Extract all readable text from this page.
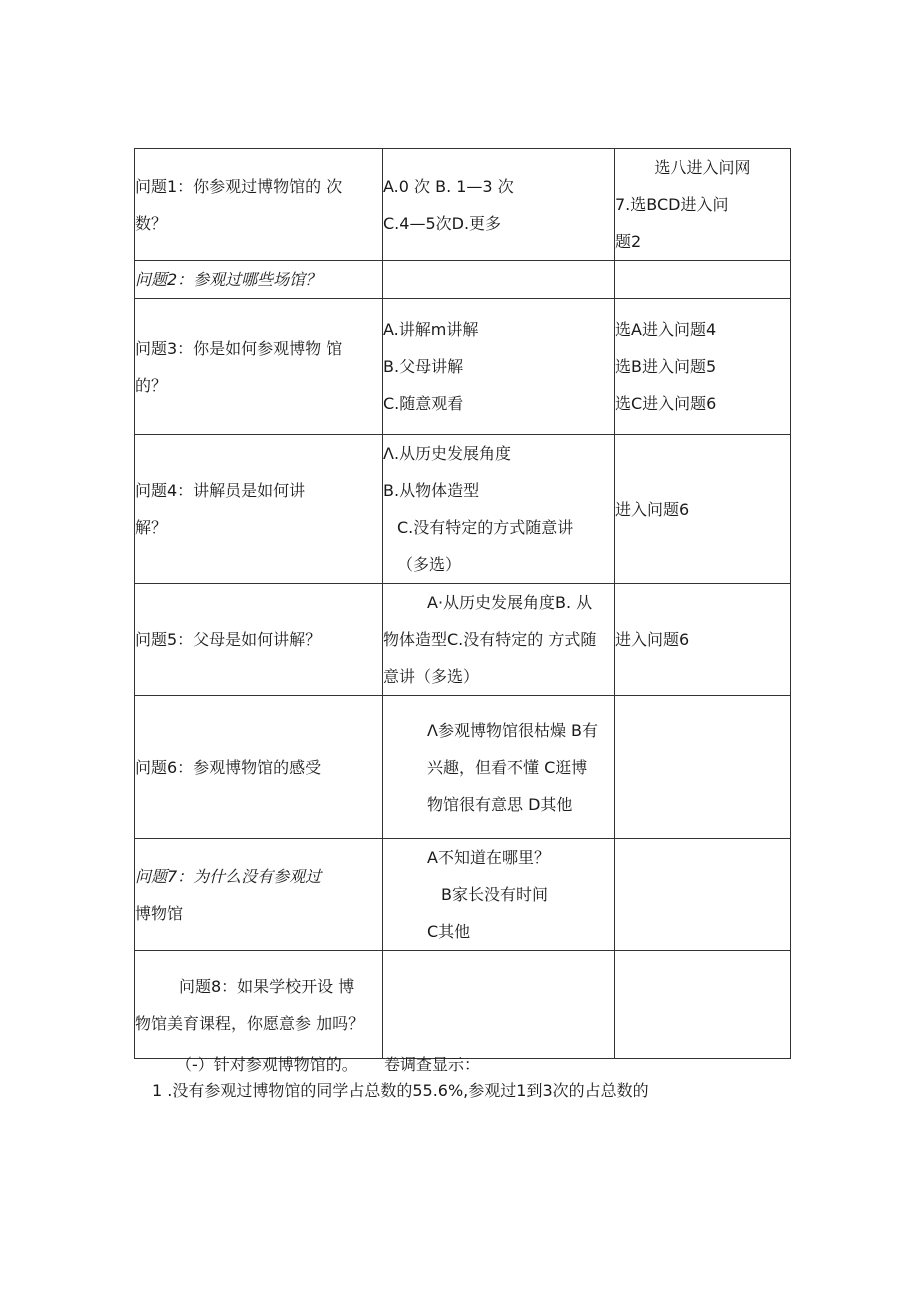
问题1：你参观过博物馆的 次
数？	A.0 次 B. 1—3 次
C.4—5次D.更多	选八进入问网
7.选BCD进入问
题2

问题2：参观过哪些场馆？		

问题3：你是如何参观博物 馆
的？	A.讲解m讲解
B.父母讲解
C.随意观看	选A进入问题4
选B进入问题5
选C进入问题6

问题4：讲解员是如何讲
解？	Λ.从历史发展角度
B.从物体造型
C.没有特定的方式随意讲
（多选）	进入问题6

问题5：父母是如何讲解？	A·从历史发展角度B. 从
物体造型C.没有特定的 方式随
意讲（多选）	进入问题6

问题6：参观博物馆的感受	Λ参观博物馆很枯燥 B有
兴趣，但看不懂 C逛博
物馆很有意思 D其他	

问题7：为什么没有参观过
博物馆	A不知道在哪里？
B家长没有时间
C其他	

问题8：如果学校开设 博
物馆美育课程，你愿意参 加吗？		

（-）针对参观博物馆的。 卷调查显示：
1 .没有参观过博物馆的同学占总数的55.6%,参观过1到3次的占总数的
